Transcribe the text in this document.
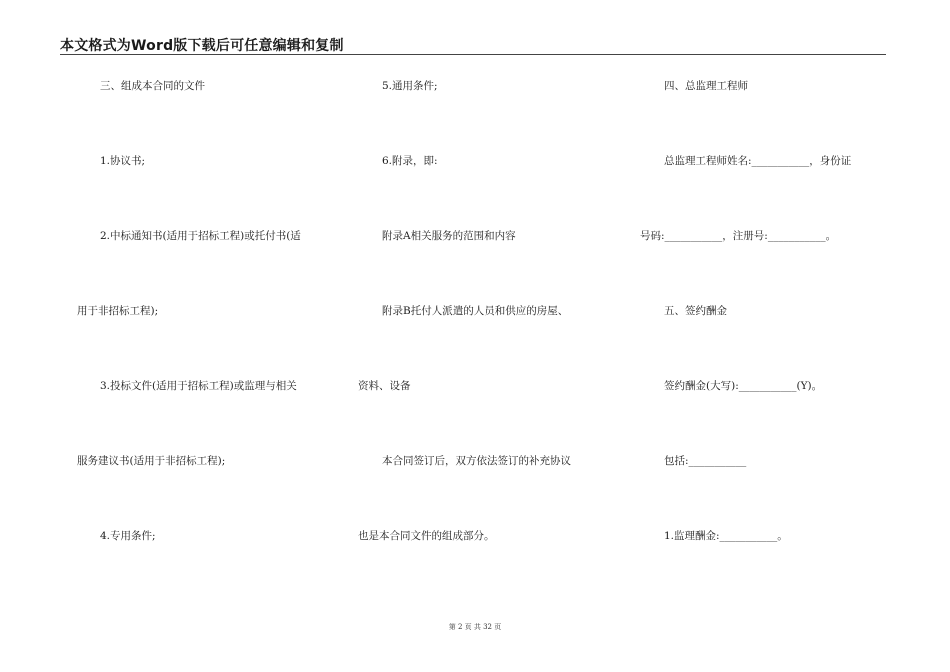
本文格式为Word版下载后可任意编辑和复制
三、组成本合同的文件
1.协议书;
2.中标通知书(适用于招标工程)或托付书(适
用于非招标工程);
3.投标文件(适用于招标工程)或监理与相关
服务建议书(适用于非招标工程);
4.专用条件;
5.通用条件;
6.附录，即:
附录A相关服务的范围和内容
附录B托付人派遣的人员和供应的房屋、
资料、设备
本合同签订后，双方依法签订的补充协议
也是本合同文件的组成部分。
四、总监理工程师
总监理工程师姓名:___________，身份证
号码:___________，注册号:___________。
五、签约酬金
签约酬金(大写):___________(Y)。
包括:___________
1.监理酬金:___________。
第 2 页 共 32 页
